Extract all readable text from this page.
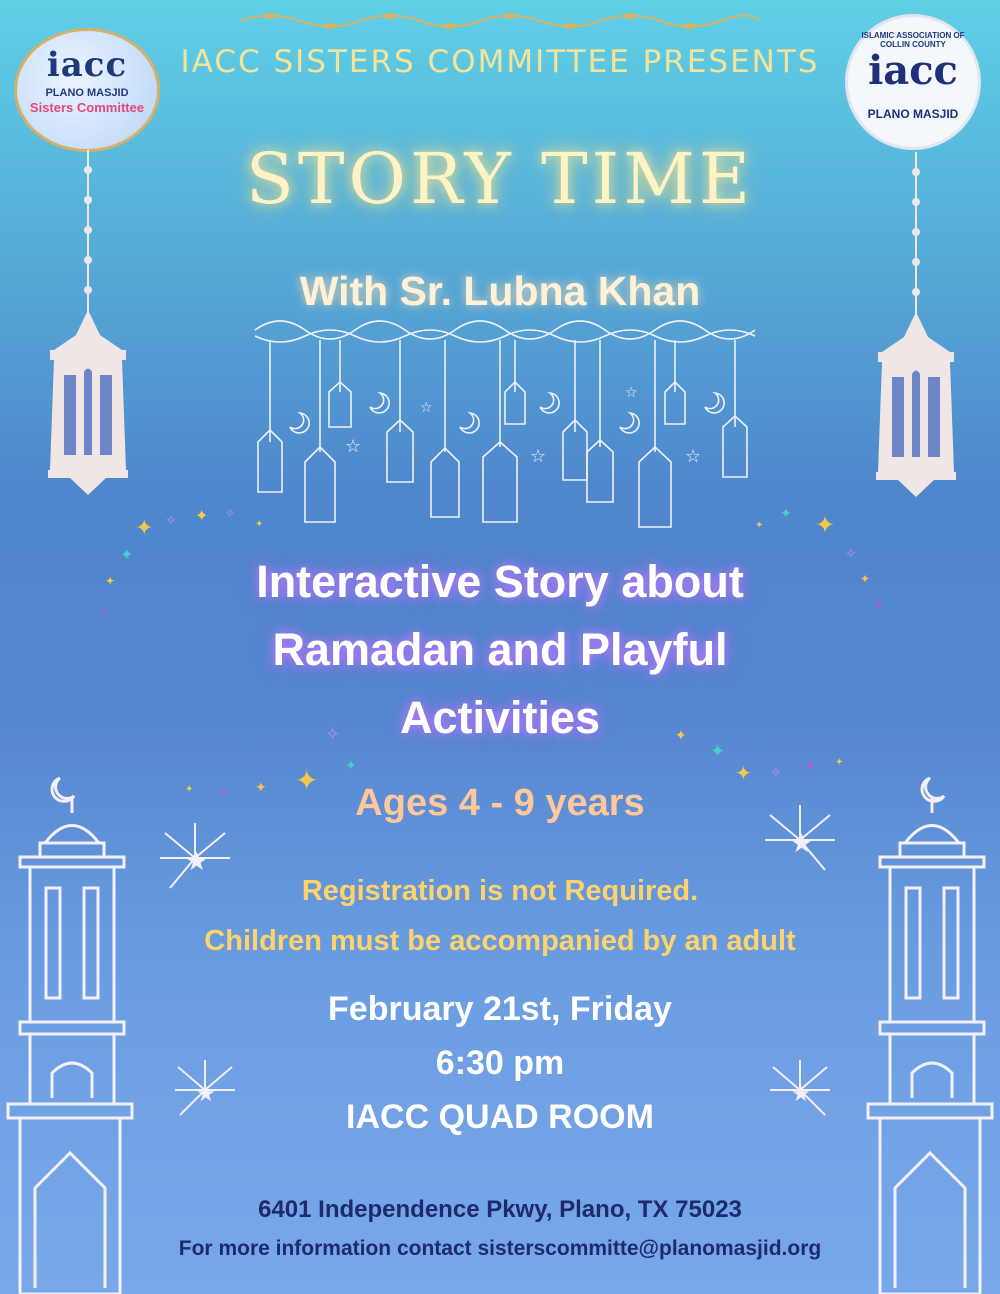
iacc
PLANO MASJID
Sisters Committee
ISLAMIC ASSOCIATION OF COLLIN COUNTY
iacc
PLANO MASJID
☆
☆
☆
☆
☆
✦ ✧ ✦
✦
✦
✧
✦
✦	✦
✦
✧
✦
✦
✦
✦
✧
✦
✦
✦
✦
✦
✦
✦ ✧ ✦ ✦
★
★
★	★
IACC SISTERS COMMITTEE PRESENTS
STORY TIME
With Sr. Lubna Khan
Interactive Story about
Ramadan and Playful
Activities
Ages 4 - 9 years
Registration is not Required.
Children must be accompanied by an adult
February 21st, Friday
6:30 pm
IACC QUAD ROOM
6401 Independence Pkwy, Plano, TX 75023
For more information contact sisterscommitte@planomasjid.org
